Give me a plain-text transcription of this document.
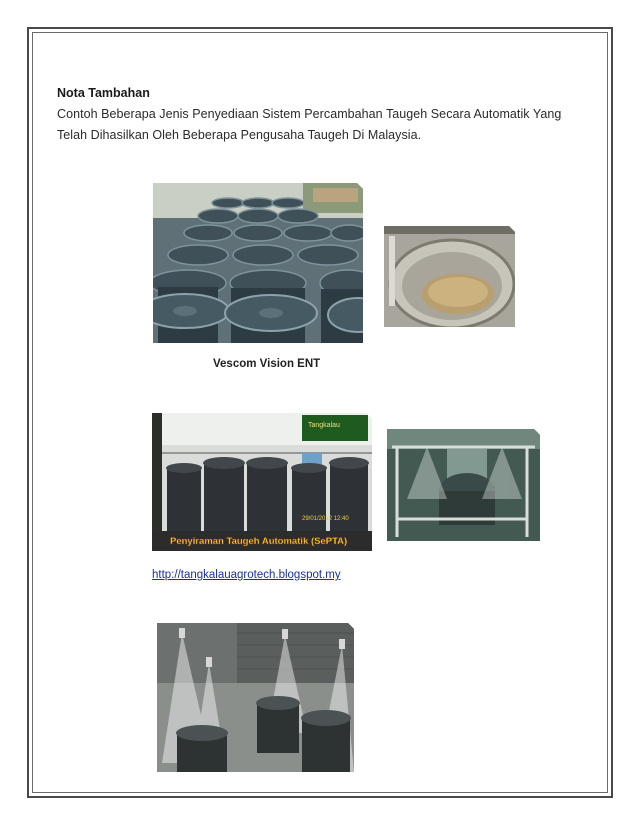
Nota Tambahan
Contoh Beberapa Jenis Penyediaan Sistem Percambahan Taugeh Secara Automatik Yang
Telah Dihasilkan Oleh Beberapa Pengusaha Taugeh Di Malaysia.
Vescom Vision ENT
Tangkalau
29/01/2012 12:40
Penyiraman Taugeh Automatik (SePTA)
http://tangkalauagrotech.blogspot.my
